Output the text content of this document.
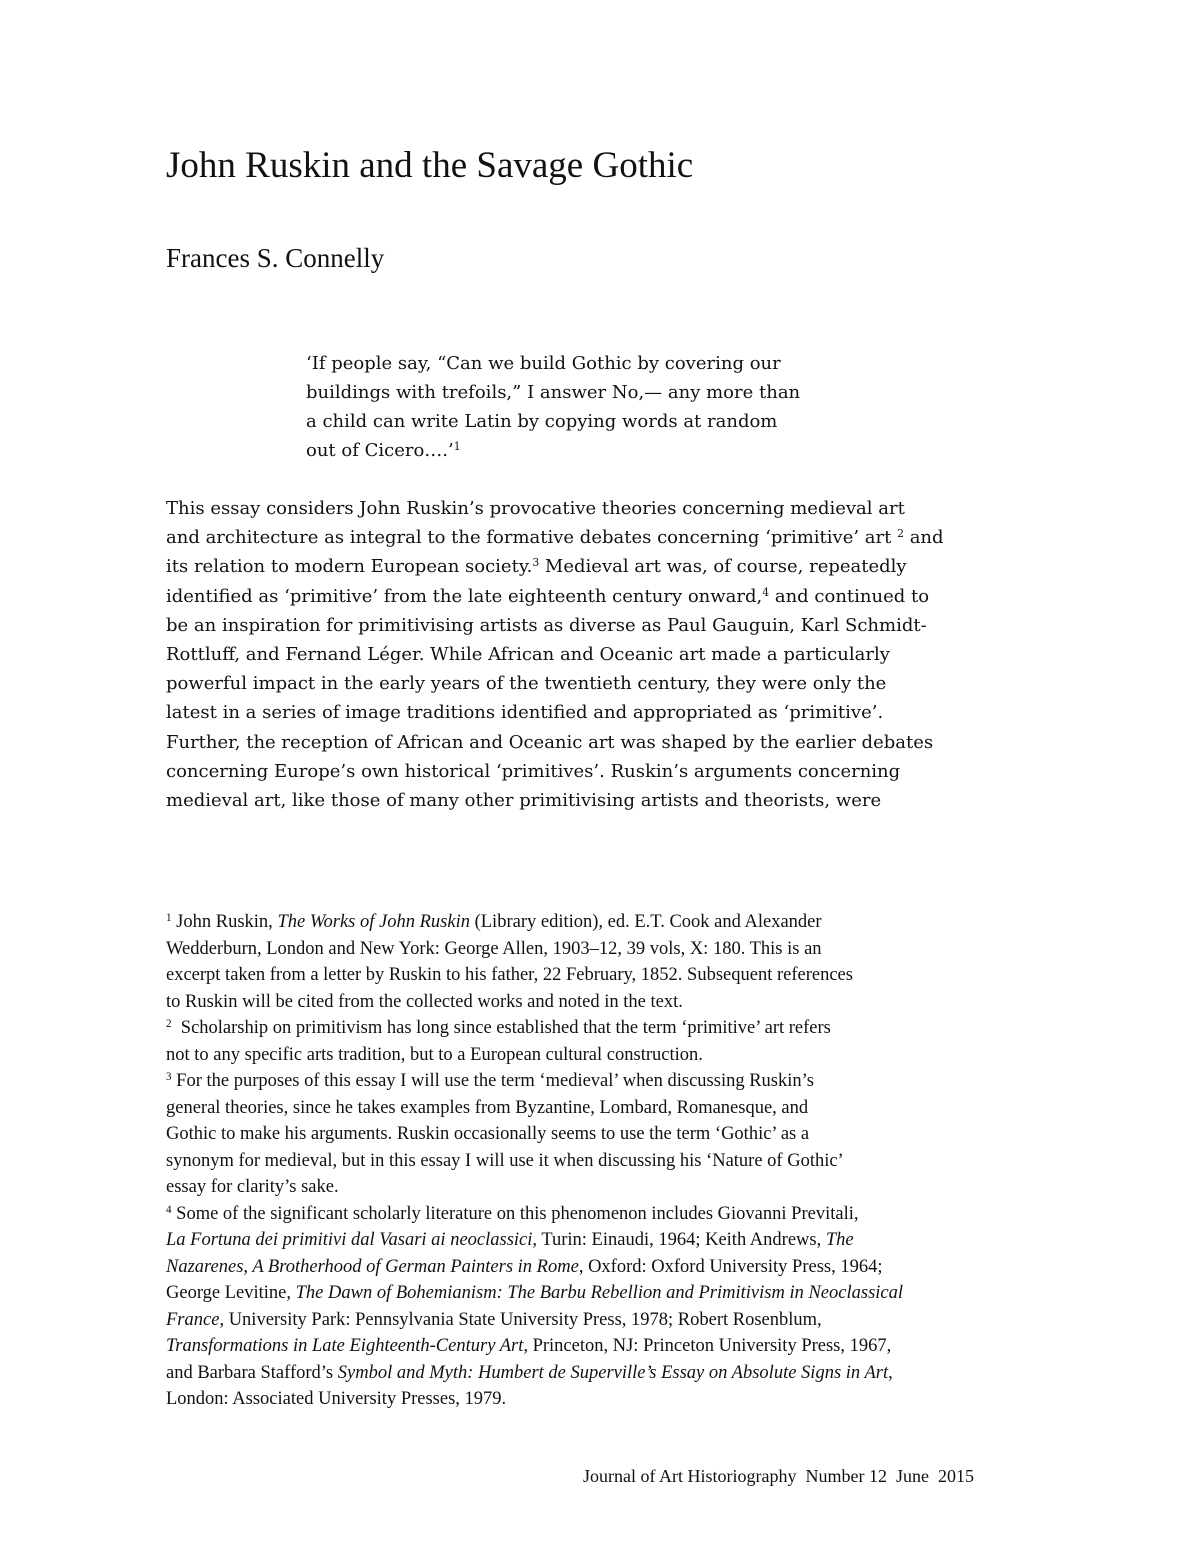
John Ruskin and the Savage Gothic
Frances S. Connelly
‘If people say, “Can we build Gothic by covering our
buildings with trefoils,” I answer No,— any more than
a child can write Latin by copying words at random
out of Cicero….’$^1$

This essay considers John Ruskin’s provocative theories concerning medieval art
and architecture as integral to the formative debates concerning ‘primitive’ art $^2$ and
its relation to modern European society.$^3$ Medieval art was, of course, repeatedly
identified as ‘primitive’ from the late eighteenth century onward,$^4$ and continued to
be an inspiration for primitivising artists as diverse as Paul Gauguin, Karl Schmidt-
Rottluff, and Fernand Léger. While African and Oceanic art made a particularly
powerful impact in the early years of the twentieth century, they were only the
latest in a series of image traditions identified and appropriated as ‘primitive’.
Further, the reception of African and Oceanic art was shaped by the earlier debates
concerning Europe’s own historical ‘primitives’. Ruskin’s arguments concerning
medieval art, like those of many other primitivising artists and theorists, were

$^1$ John Ruskin, The Works of John Ruskin (Library edition), ed. E.T. Cook and Alexander
Wedderburn, London and New York: George Allen, 1903–12, 39 vols, X: 180. This is an
excerpt taken from a letter by Ruskin to his father, 22 February, 1852. Subsequent references
to Ruskin will be cited from the collected works and noted in the text.
$^2$  Scholarship on primitivism has long since established that the term ‘primitive’ art refers
not to any specific arts tradition, but to a European cultural construction.
$^3$ For the purposes of this essay I will use the term ‘medieval’ when discussing Ruskin’s
general theories, since he takes examples from Byzantine, Lombard, Romanesque, and
Gothic to make his arguments. Ruskin occasionally seems to use the term ‘Gothic’ as a
synonym for medieval, but in this essay I will use it when discussing his ‘Nature of Gothic’
essay for clarity’s sake.
$^4$ Some of the significant scholarly literature on this phenomenon includes Giovanni Previtali,
La Fortuna dei primitivi dal Vasari ai neoclassici, Turin: Einaudi, 1964; Keith Andrews, The
Nazarenes, A Brotherhood of German Painters in Rome, Oxford: Oxford University Press, 1964;
George Levitine, The Dawn of Bohemianism: The Barbu Rebellion and Primitivism in Neoclassical
France, University Park: Pennsylvania State University Press, 1978; Robert Rosenblum,
Transformations in Late Eighteenth-Century Art, Princeton, NJ: Princeton University Press, 1967,
and Barbara Stafford’s Symbol and Myth: Humbert de Superville’s Essay on Absolute Signs in Art,
London: Associated University Presses, 1979.
Journal of Art Historiography  Number 12  June  2015
